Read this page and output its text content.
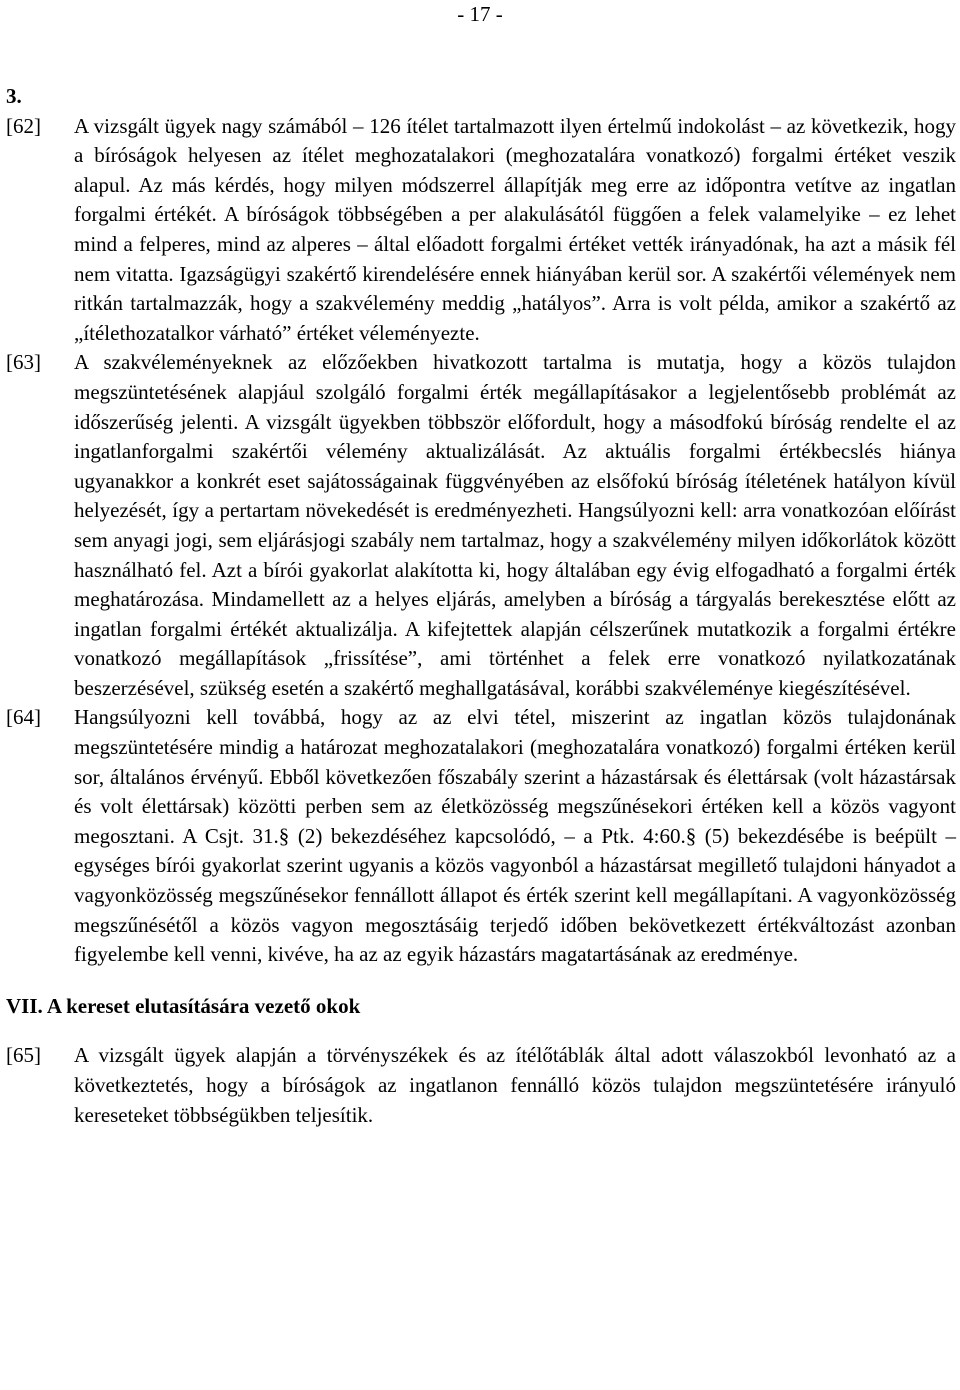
- 17 -
3.
[62]	A vizsgált ügyek nagy számából – 126 ítélet tartalmazott ilyen értelmű indokolást – az következik, hogy a bíróságok helyesen az ítélet meghozatalakori (meghozatalára vonatkozó) forgalmi értéket veszik alapul. Az más kérdés, hogy milyen módszerrel állapítják meg erre az időpontra vetítve az ingatlan forgalmi értékét. A bíróságok többségében a per alakulásától függően a felek valamelyike – ez lehet mind a felperes, mind az alperes – által előadott forgalmi értéket vették irányadónak, ha azt a másik fél nem vitatta. Igazságügyi szakértő kirendelésére ennek hiányában kerül sor. A szakértői vélemények nem ritkán tartalmazzák, hogy a szakvélemény meddig „hatályos”. Arra is volt példa, amikor a szakértő az „ítélethozatalkor várható” értéket véleményezte.
[63]	A szakvéleményeknek az előzőekben hivatkozott tartalma is mutatja, hogy a közös tulajdon megszüntetésének alapjául szolgáló forgalmi érték megállapításakor a legjelentősebb problémát az időszerűség jelenti. A vizsgált ügyekben többször előfordult, hogy a másodfokú bíróság rendelte el az ingatlanforgalmi szakértői vélemény aktualizálását. Az aktuális forgalmi értékbecslés hiánya ugyanakkor a konkrét eset sajátosságainak függvényében az elsőfokú bíróság ítéletének hatályon kívül helyezését, így a pertartam növekedését is eredményezheti. Hangsúlyozni kell: arra vonatkozóan előírást sem anyagi jogi, sem eljárásjogi szabály nem tartalmaz, hogy a szakvélemény milyen időkorlátok között használható fel. Azt a bírói gyakorlat alakította ki, hogy általában egy évig elfogadható a forgalmi érték meghatározása. Mindamellett az a helyes eljárás, amelyben a bíróság a tárgyalás berekesztése előtt az ingatlan forgalmi értékét aktualizálja. A kifejtettek alapján célszerűnek mutatkozik a forgalmi értékre vonatkozó megállapítások „frissítése”, ami történhet a felek erre vonatkozó nyilatkozatának beszerzésével, szükség esetén a szakértő meghallgatásával, korábbi szakvéleménye kiegészítésével.
[64]	Hangsúlyozni kell továbbá, hogy az az elvi tétel, miszerint az ingatlan közös tulajdonának megszüntetésére mindig a határozat meghozatalakori (meghozatalára vonatkozó) forgalmi értéken kerül sor, általános érvényű. Ebből következően főszabály szerint a házastársak és élettársak (volt házastársak és volt élettársak) közötti perben sem az életközösség megszűnésekori értéken kell a közös vagyont megosztani. A Csjt. 31.§ (2) bekezdéséhez kapcsolódó, – a Ptk. 4:60.§ (5) bekezdésébe is beépült – egységes bírói gyakorlat szerint ugyanis a közös vagyonból a házastársat megillető tulajdoni hányadot a vagyonközösség megszűnésekor fennállott állapot és érték szerint kell megállapítani. A vagyonközösség megszűnésétől a közös vagyon megosztásáig terjedő időben bekövetkezett értékváltozást azonban figyelembe kell venni, kivéve, ha az az egyik házastárs magatartásának az eredménye.
VII. A kereset elutasítására vezető okok
[65]	A vizsgált ügyek alapján a törvényszékek és az ítélőtáblák által adott válaszokból levonható az a következtetés, hogy a bíróságok az ingatlanon fennálló közös tulajdon megszüntetésére irányuló kereseteket többségükben teljesítik.
